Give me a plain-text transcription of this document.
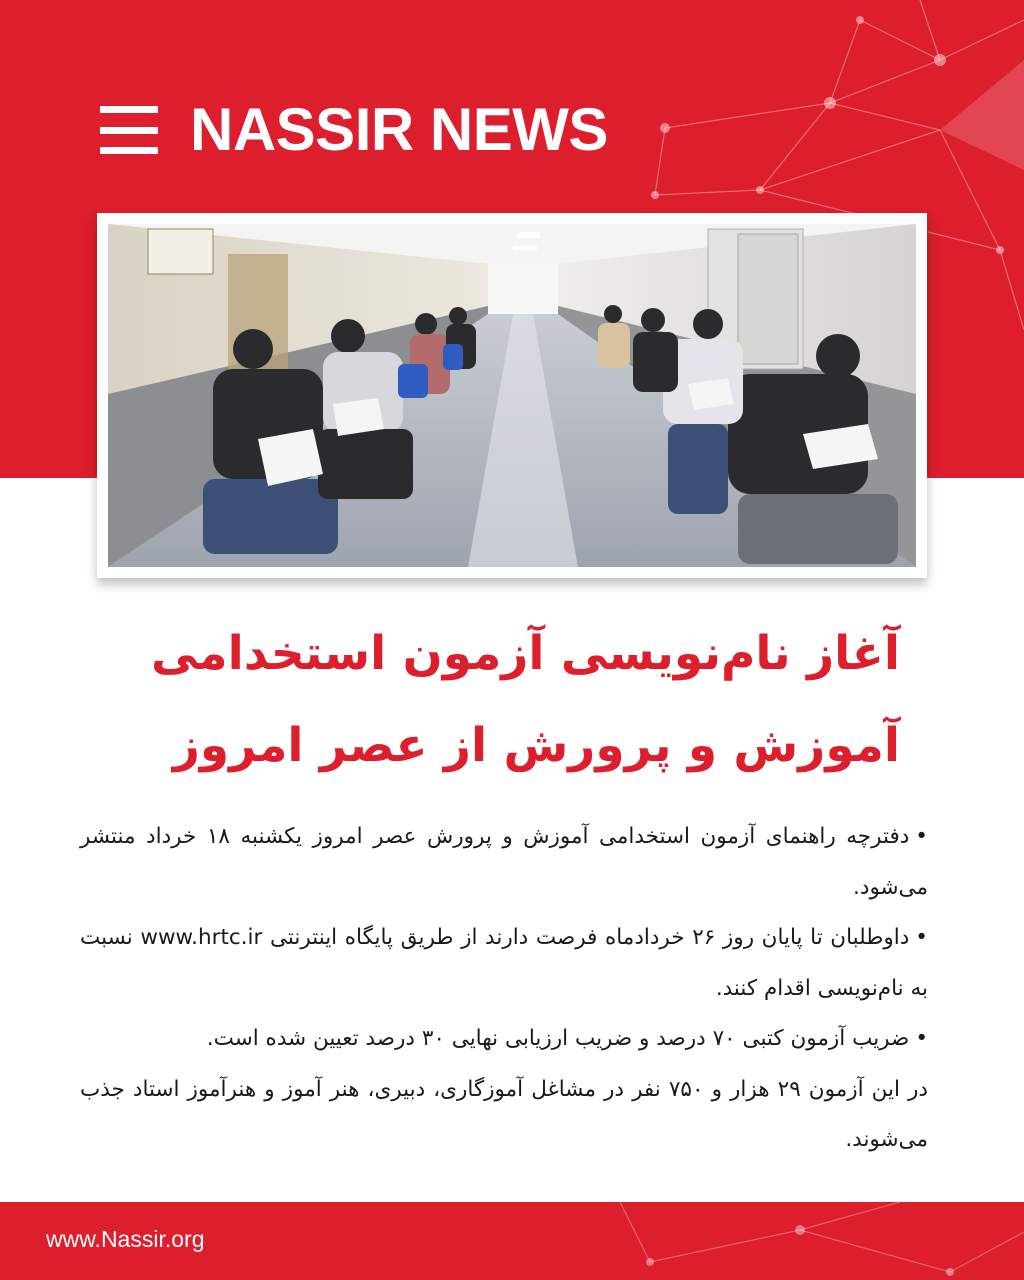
NASSIR NEWS
آغاز نام‌نویسی آزمون استخدامی
آموزش و پرورش از عصر امروز

•دفترچه راهنمای آزمون استخدامی آموزش و پرورش عصر امروز یکشنبه ۱۸ خرداد منتشر می‌شود.

•داوطلبان تا پایان روز ۲۶ خردادماه فرصت دارند از طریق پایگاه اینترنتی www.hrtc.ir نسبت به نام‌نویسی اقدام کنند.

•ضریب آزمون کتبی ۷۰ درصد و ضریب ارزیابی نهایی ۳۰ درصد تعیین شده است.

در این آزمون ۲۹ هزار و ۷۵۰ نفر در مشاغل آموزگاری، دبیری، هنر آموز و هنرآموز استاد جذب می‌شوند.

www.Nassir.org
